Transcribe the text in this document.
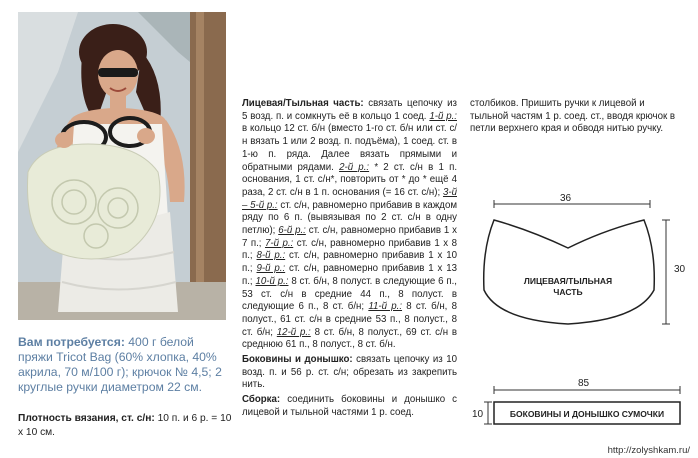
Вам потребуется: 400 г белой пряжи Tricot Bag (60% хлопка, 40% акрила, 70 м/100 г); крючок № 4,5; 2 круглые ручки диаметром 22 см.
Плотность вязания, ст. с/н: 10 п. и 6 р. = 10 х 10 см.

Лицевая/Тыльная часть: связать цепочку из 5 возд. п. и сомкнуть её в кольцо 1 соед. 1-й р.: в кольцо 12 ст. б/н (вместо 1-го ст. б/н или ст. с/н вязать 1 или 2 возд. п. подъёма), 1 соед. ст. в 1-ю п. ряда. Далее вязать прямыми и обратными рядами. 2-й р.: * 2 ст. с/н в 1 п. основания, 1 ст. с/н*, повторить от * до * ещё 4 раза, 2 ст. с/н в 1 п. основания (= 16 ст. с/н); 3-й – 5-й р.: ст. с/н, равномерно прибавив в каждом ряду по 6 п. (вывязывая по 2 ст. с/н в одну петлю); 6-й р.: ст. с/н, равномерно прибавив 1 х 7 п.; 7-й р.: ст. с/н, равномерно прибавив 1 х 8 п.; 8-й р.: ст. с/н, равномерно прибавив 1 х 10 п.; 9-й р.: ст. с/н, равномерно прибавив 1 х 13 п.; 10-й р.: 8 ст. б/н, 8 полуст. в следующие 6 п., 53 ст. с/н в средние 44 п., 8 полуст. в следующие 6 п., 8 ст. б/н; 11-й р.: 8 ст. б/н, 8 полуст., 61 ст. с/н в средние 53 п., 8 полуст., 8 ст. б/н; 12-й р.: 8 ст. б/н, 8 полуст., 69 ст. с/н в среднюю 61 п., 8 полуст., 8 ст. б/н.

Боковины и донышко: связать цепочку из 10 возд. п. и 56 р. ст. с/н; обрезать из закрепить нить.

Сборка: соединить боковины и донышко с лицевой и тыльной частями 1 р. соед.

столбиков. Пришить ручки к лицевой и тыльной частям 1 р. соед. ст., вводя крючок в петли верхнего края и обводя нитью ручку.
36
ЛИЦЕВАЯ/ТЫЛЬНАЯ
ЧАСТЬ
30
85
БОКОВИНЫ И ДОНЫШКО СУМОЧКИ
10
http://zolyshkam.ru/
